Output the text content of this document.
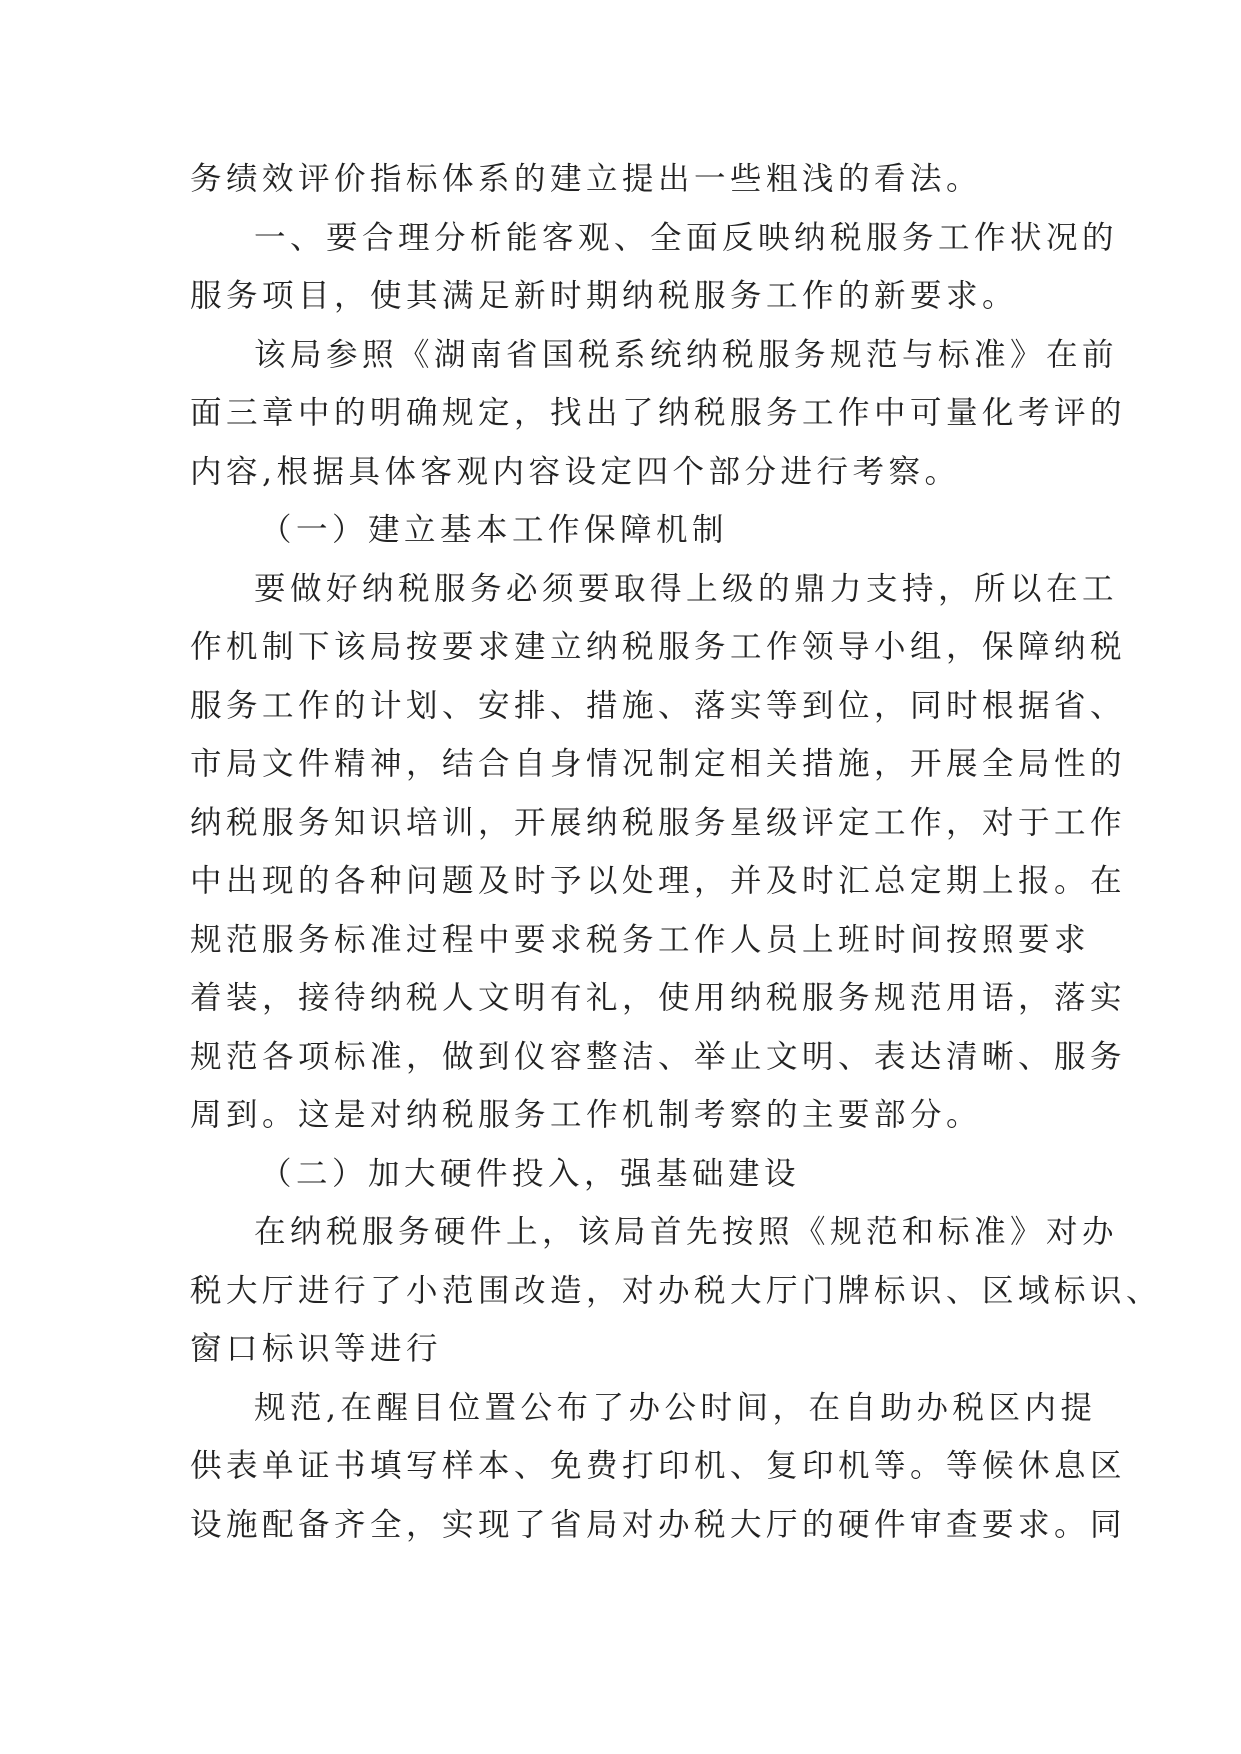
务绩效评价指标体系的建立提出一些粗浅的看法。
一、要合理分析能客观、全面反映纳税服务工作状况的
服务项目，使其满足新时期纳税服务工作的新要求。
该局参照《湖南省国税系统纳税服务规范与标准》在前
面三章中的明确规定，找出了纳税服务工作中可量化考评的
内容,根据具体客观内容设定四个部分进行考察。
（一）建立基本工作保障机制
要做好纳税服务必须要取得上级的鼎力支持，所以在工
作机制下该局按要求建立纳税服务工作领导小组，保障纳税
服务工作的计划、安排、措施、落实等到位，同时根据省、
市局文件精神，结合自身情况制定相关措施，开展全局性的
纳税服务知识培训，开展纳税服务星级评定工作，对于工作
中出现的各种问题及时予以处理，并及时汇总定期上报。在
规范服务标准过程中要求税务工作人员上班时间按照要求
着装，接待纳税人文明有礼，使用纳税服务规范用语，落实
规范各项标准，做到仪容整洁、举止文明、表达清晰、服务
周到。这是对纳税服务工作机制考察的主要部分。
（二）加大硬件投入，强基础建设
在纳税服务硬件上，该局首先按照《规范和标准》对办
税大厅进行了小范围改造，对办税大厅门牌标识、区域标识、
窗口标识等进行
规范,在醒目位置公布了办公时间，在自助办税区内提
供表单证书填写样本、免费打印机、复印机等。等候休息区
设施配备齐全，实现了省局对办税大厅的硬件审查要求。同
